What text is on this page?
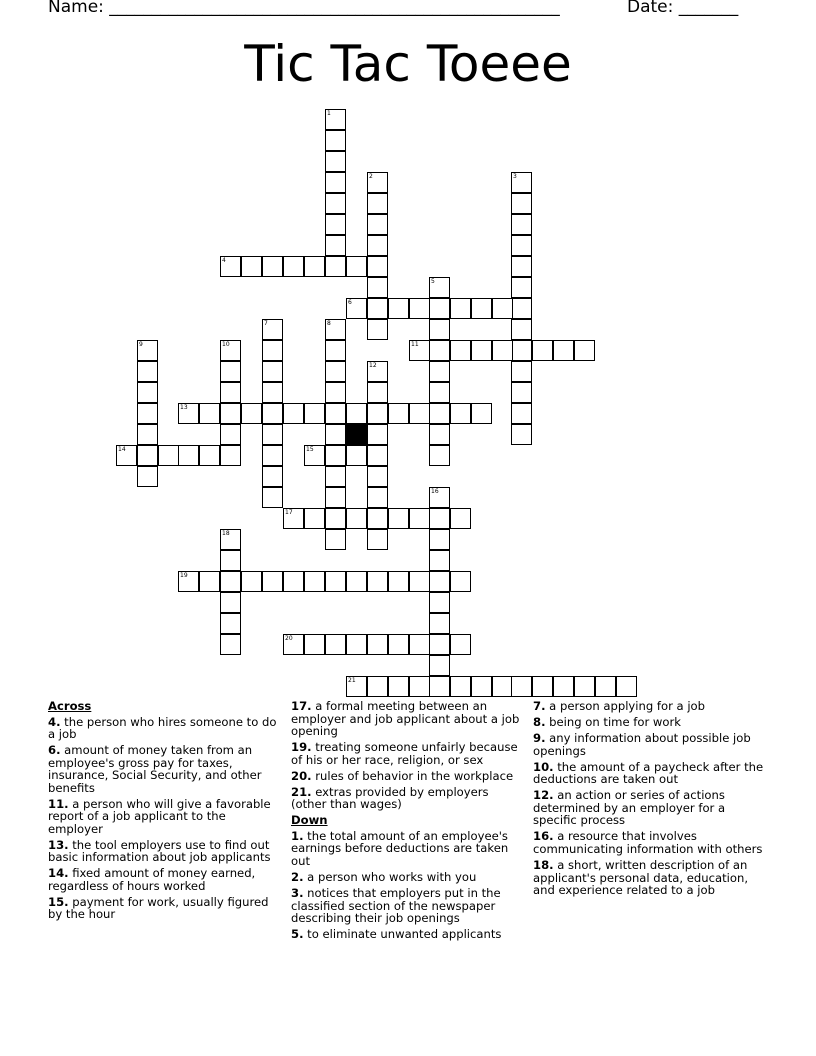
Name: _____________________________________________________	Date: _______
Tic Tac Toeee
1
2	3
4
5
6
7	8
9	10	11
12
13
14	15
16
17
18
19
20
21
Across
4. the person who hires someone to do a job
6. amount of money taken from an employee's gross pay for taxes, insurance, Social Security, and other benefits
11. a person who will give a favorable report of a job applicant to the employer
13. the tool employers use to find out basic information about job applicants
14. fixed amount of money earned, regardless of hours worked
15. payment for work, usually figured by the hour
17. a formal meeting between an employer and job applicant about a job opening
19. treating someone unfairly because of his or her race, religion, or sex
20. rules of behavior in the workplace
21. extras provided by employers (other than wages)
Down
1. the total amount of an employee's earnings before deductions are taken out
2. a person who works with you
3. notices that employers put in the classified section of the newspaper describing their job openings
5. to eliminate unwanted applicants
7. a person applying for a job
8. being on time for work
9. any information about possible job openings
10. the amount of a paycheck after the deductions are taken out
12. an action or series of actions determined by an employer for a specific process
16. a resource that involves communicating information with others
18. a short, written description of an applicant's personal data, education, and experience related to a job
